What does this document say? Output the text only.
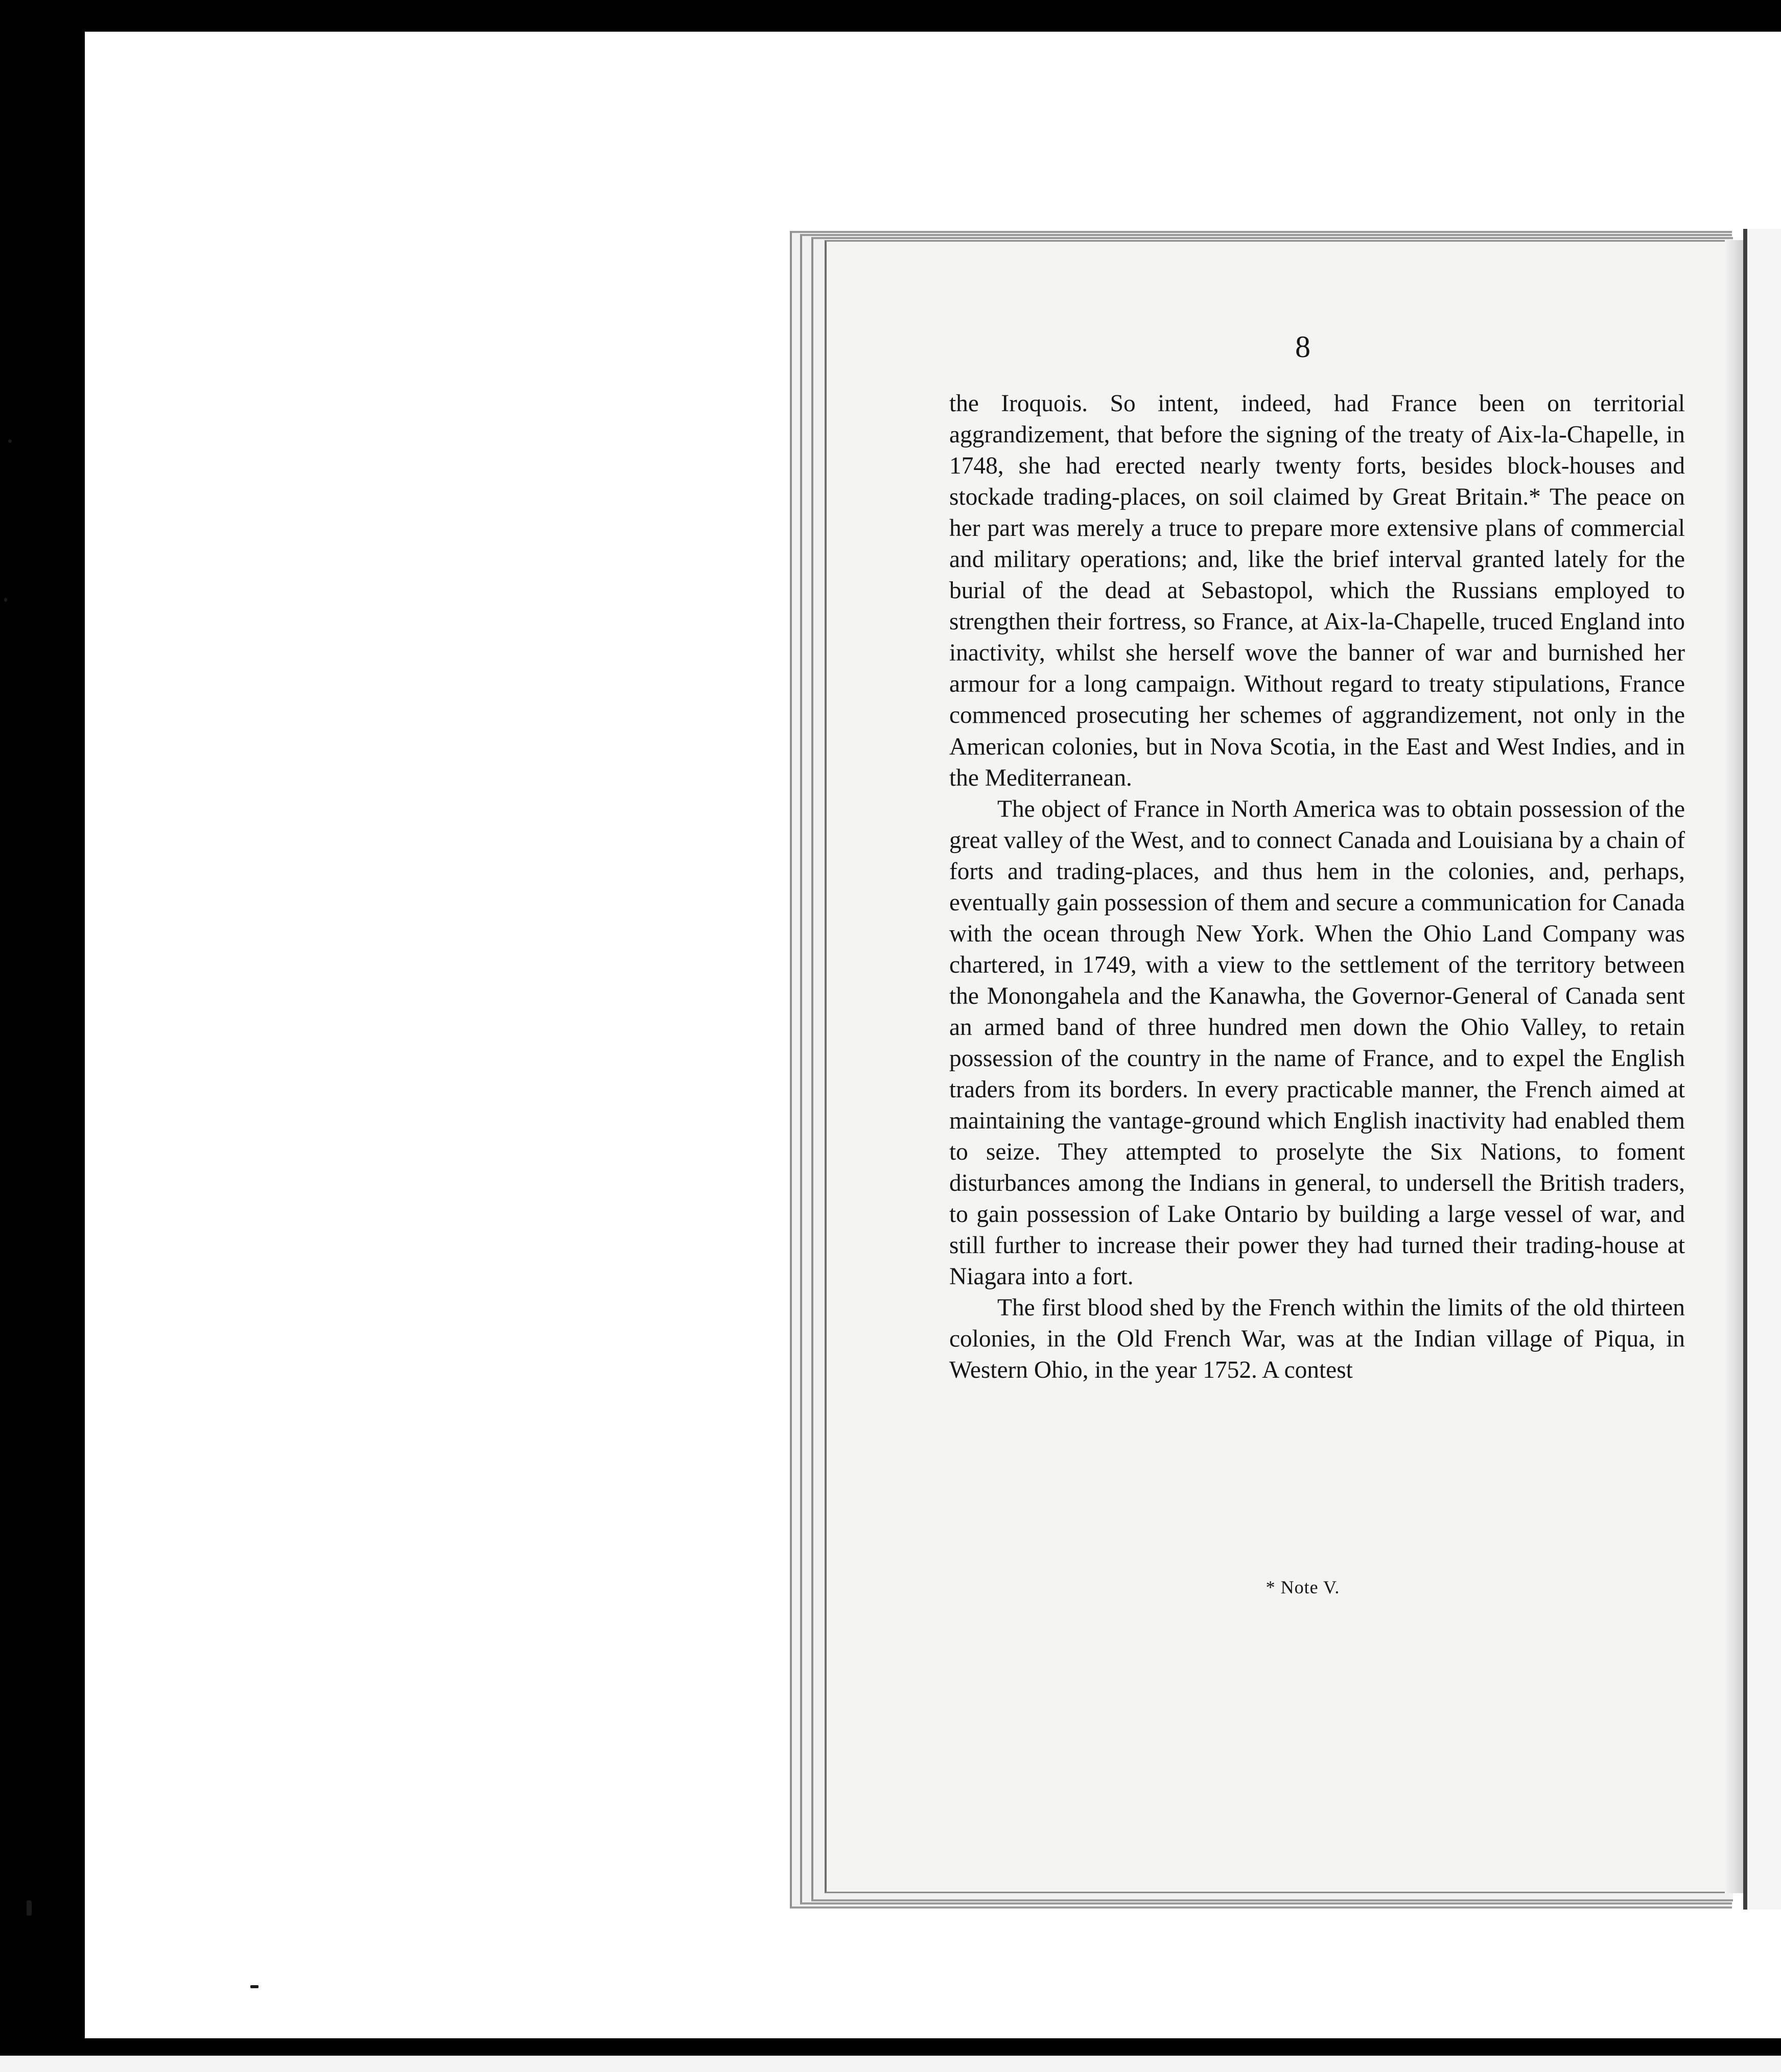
8

the Iroquois. So intent, indeed, had France been on territorial aggrandizement, that before the signing of the treaty of Aix-la-Chapelle, in 1748, she had erected nearly twenty forts, besides block-houses and stockade trading-places, on soil claimed by Great Britain.* The peace on her part was merely a truce to prepare more extensive plans of commercial and military operations; and, like the brief interval granted lately for the burial of the dead at Sebastopol, which the Russians employed to strengthen their fortress, so France, at Aix-la-Chapelle, truced England into inactivity, whilst she herself wove the banner of war and burnished her armour for a long campaign. Without regard to treaty stipulations, France commenced prosecuting her schemes of aggrandizement, not only in the American colonies, but in Nova Scotia, in the East and West Indies, and in the Mediterranean.

The object of France in North America was to obtain possession of the great valley of the West, and to connect Canada and Louisiana by a chain of forts and trading-places, and thus hem in the colonies, and, perhaps, eventually gain possession of them and secure a communication for Canada with the ocean through New York. When the Ohio Land Company was chartered, in 1749, with a view to the settlement of the territory between the Monongahela and the Kanawha, the Governor-General of Canada sent an armed band of three hundred men down the Ohio Valley, to retain possession of the country in the name of France, and to expel the English traders from its borders. In every practicable manner, the French aimed at maintaining the vantage-ground which English inactivity had enabled them to seize. They attempted to proselyte the Six Nations, to foment disturbances among the Indians in general, to undersell the British traders, to gain possession of Lake Ontario by building a large vessel of war, and still further to increase their power they had turned their trading-house at Niagara into a fort.

The first blood shed by the French within the limits of the old thirteen colonies, in the Old French War, was at the Indian village of Piqua, in Western Ohio, in the year 1752. A contest

* Note V.
